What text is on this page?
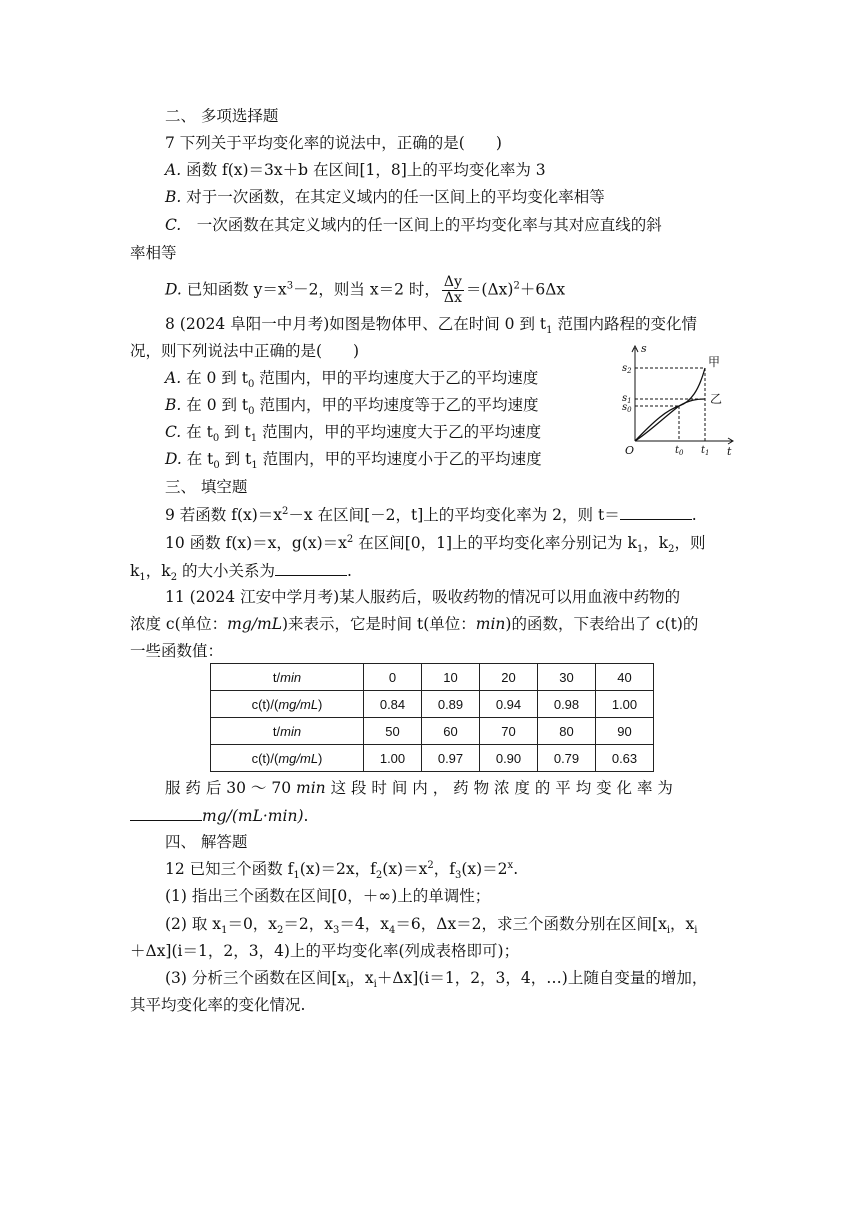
二、 多项选择题
7 下列关于平均变化率的说法中，正确的是(　　)
A. 函数 f(x)＝3x＋b 在区间[1，8]上的平均变化率为 3
B. 对于一次函数，在其定义域内的任一区间上的平均变化率相等
C.　 一次函数在其定义域内的任一区间上的平均变化率与其对应直线的斜
率相等
D. 已知函数 $y=x^3-2$，则当 x＝2 时， $\frac{\Delta y}{\Delta x} =(\Delta x)^2+6\Delta x$
8 (2024 阜阳一中月考)如图是物体甲、乙在时间 0 到 $t_1$ 范围内路程的变化情
况，则下列说法中正确的是(　　)
A. 在 0 到 $t_0$ 范围内，甲的平均速度大于乙的平均速度
B. 在 0 到 $t_0$ 范围内，甲的平均速度等于乙的平均速度
C. 在 $t_0$ 到 $t_1$ 范围内，甲的平均速度大于乙的平均速度
D. 在 $t_0$ 到 $t_1$ 范围内，甲的平均速度小于乙的平均速度
s
t
O
$s_2$
$s_1$
$s_0$
$t_0$ $t_1$
甲
乙
三、 填空题
9 若函数 $f(x)=x^2-x$ 在区间[－2，t]上的平均变化率为 2，则 t＝	.
10 函数 f(x)＝x，$g(x)=x^2$ 在区间[0，1]上的平均变化率分别记为 $k_1$，$k_2$，则
$k_1$，$k_2$ 的大小关系为	.
11 (2024 江安中学月考)某人服药后，吸收药物的情况可以用血液中药物的
浓度 c(单位：mg/mL)来表示，它是时间 t(单位：min)的函数，下表给出了 c(t)的
一些函数值：
t/min	0	10	20	30	40
c(t)/(mg/mL)	0.84	0.89	0.94	0.98	1.00
t/min	50	60	70	80	90
c(t)/(mg/mL)	1.00	0.97	0.90	0.79	0.63
服 药 后 30 ～ 70 min 这 段 时 间 内 ， 药 物 浓 度 的 平 均 变 化 率 为
mg/(mL·min).
四、 解答题
12 已知三个函数 $f_1(x)=2x$，$f_2(x)=x^2$，$f_3(x)=2^x$.
(1) 指出三个函数在区间[0，＋∞)上的单调性；
(2) 取 $x_1=0$，$x_2=2$，$x_3=4$，$x_4=6$，Δx＝2，求三个函数分别在区间[$x_i$，$x_i$
＋Δx](i＝1，2，3，4)上的平均变化率(列成表格即可)；
(3) 分析三个函数在区间[$x_i$，$x_i+\Delta x](i=1$，2，3，4，…)上随自变量的增加，
其平均变化率的变化情况.
